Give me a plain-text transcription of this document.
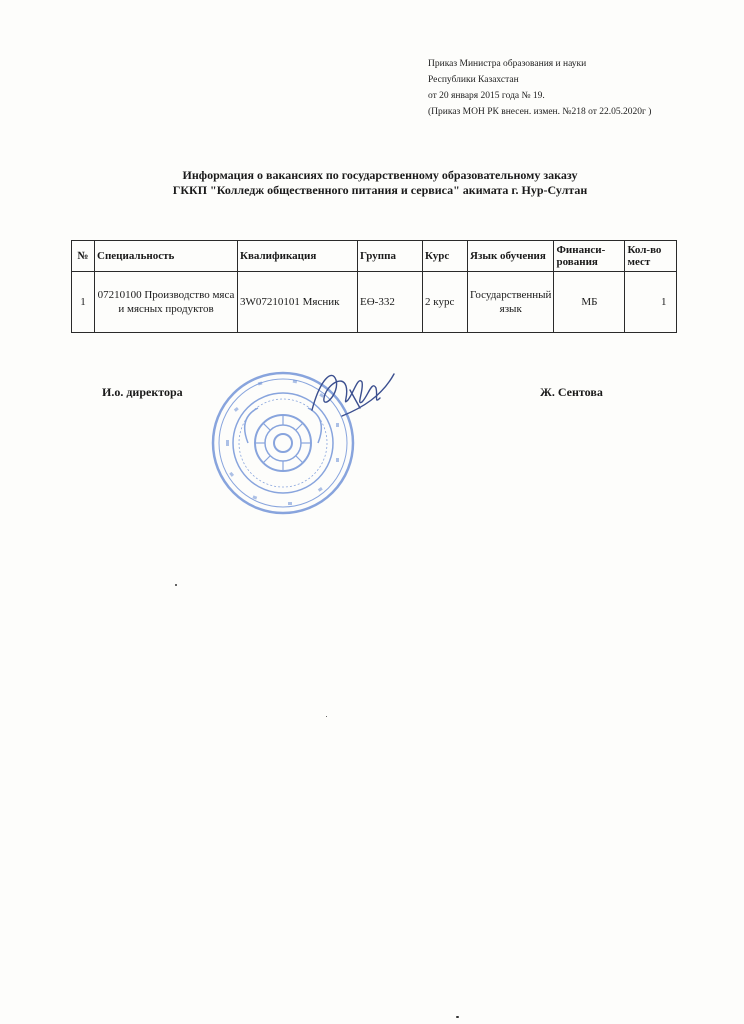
Приказ Министра образования и науки
Республики Казахстан
от 20 января 2015 года № 19.
(Приказ МОН РК внесен. измен. №218 от 22.05.2020г )
Информация о вакансиях по государственному образовательному заказу
ГККП "Колледж общественного питания и сервиса" акимата г. Нур-Султан
№	Специальность	Квалификация	Группа	Курс	Язык обучения	Финанси-рования	Кол-во мест
1	07210100 Производство мяса и мясных продуктов	3W07210101 Мясник	ЕӨ-332	2 курс	Государственный язык	МБ	1
И.о. директора	Ж. Сентова
